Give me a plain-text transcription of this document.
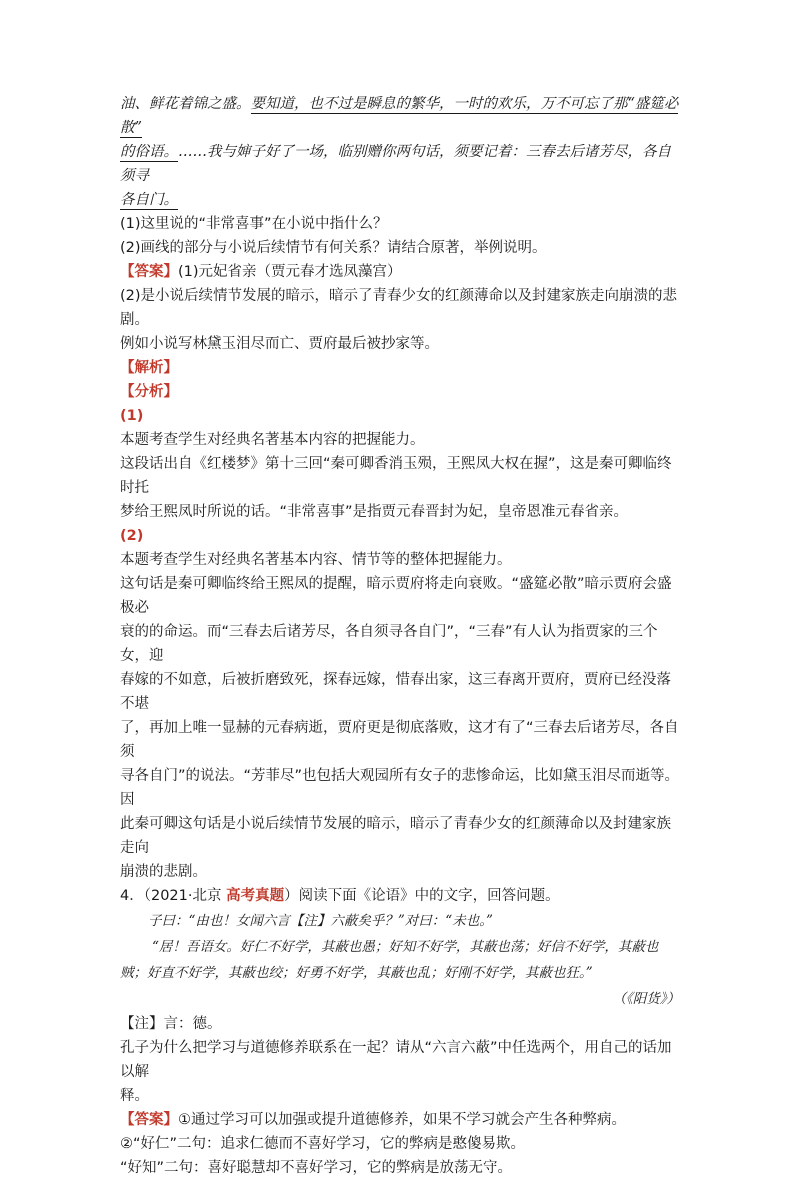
油、鲜花着锦之盛。要知道，也不过是瞬息的繁华，一时的欢乐，万不可忘了那“盛筵必散”

的俗语。……我与婶子好了一场，临别赠你两句话，须要记着：三春去后诸芳尽，各自须寻

各自门。

(1)这里说的“非常喜事”在小说中指什么？

(2)画线的部分与小说后续情节有何关系？请结合原著，举例说明。

【答案】(1)元妃省亲（贾元春才选凤藻宫）

(2)是小说后续情节发展的暗示，暗示了青春少女的红颜薄命以及封建家族走向崩溃的悲剧。

例如小说写林黛玉泪尽而亡、贾府最后被抄家等。

【解析】

【分析】

(1)

本题考查学生对经典名著基本内容的把握能力。

这段话出自《红楼梦》第十三回“秦可卿香消玉殒，王熙凤大权在握”，这是秦可卿临终时托

梦给王熙凤时所说的话。“非常喜事”是指贾元春晋封为妃，皇帝恩准元春省亲。

(2)

本题考查学生对经典名著基本内容、情节等的整体把握能力。

这句话是秦可卿临终给王熙凤的提醒，暗示贾府将走向衰败。“盛筵必散”暗示贾府会盛极必

衰的的命运。而“三春去后诸芳尽，各自须寻各自门”，“三春”有人认为指贾家的三个女，迎

春嫁的不如意，后被折磨致死，探春远嫁，惜春出家，这三春离开贾府，贾府已经没落不堪

了，再加上唯一显赫的元春病逝，贾府更是彻底落败，这才有了“三春去后诸芳尽，各自须

寻各自门”的说法。“芳菲尽”也包括大观园所有女子的悲惨命运，比如黛玉泪尽而逝等。因

此秦可卿这句话是小说后续情节发展的暗示，暗示了青春少女的红颜薄命以及封建家族走向

崩溃的悲剧。

4．（2021·北京 高考真题）阅读下面《论语》中的文字，回答问题。

子曰：“由也！女闻六言【注】六蔽矣乎？”对曰：“未也。”

“居！吾语女。好仁不好学，其蔽也愚；好知不好学，其蔽也荡；好信不好学，其蔽也

贼；好直不好学，其蔽也绞；好勇不好学，其蔽也乱；好刚不好学，其蔽也狂。”

（《阳货》）

【注】言：德。

孔子为什么把学习与道德修养联系在一起？请从“六言六蔽”中任选两个，用自己的话加以解

释。

【答案】①通过学习可以加强或提升道德修养，如果不学习就会产生各种弊病。

②“好仁”二句：追求仁德而不喜好学习，它的弊病是憨傻易欺。

“好知”二句：喜好聪慧却不喜好学习，它的弊病是放荡无守。
